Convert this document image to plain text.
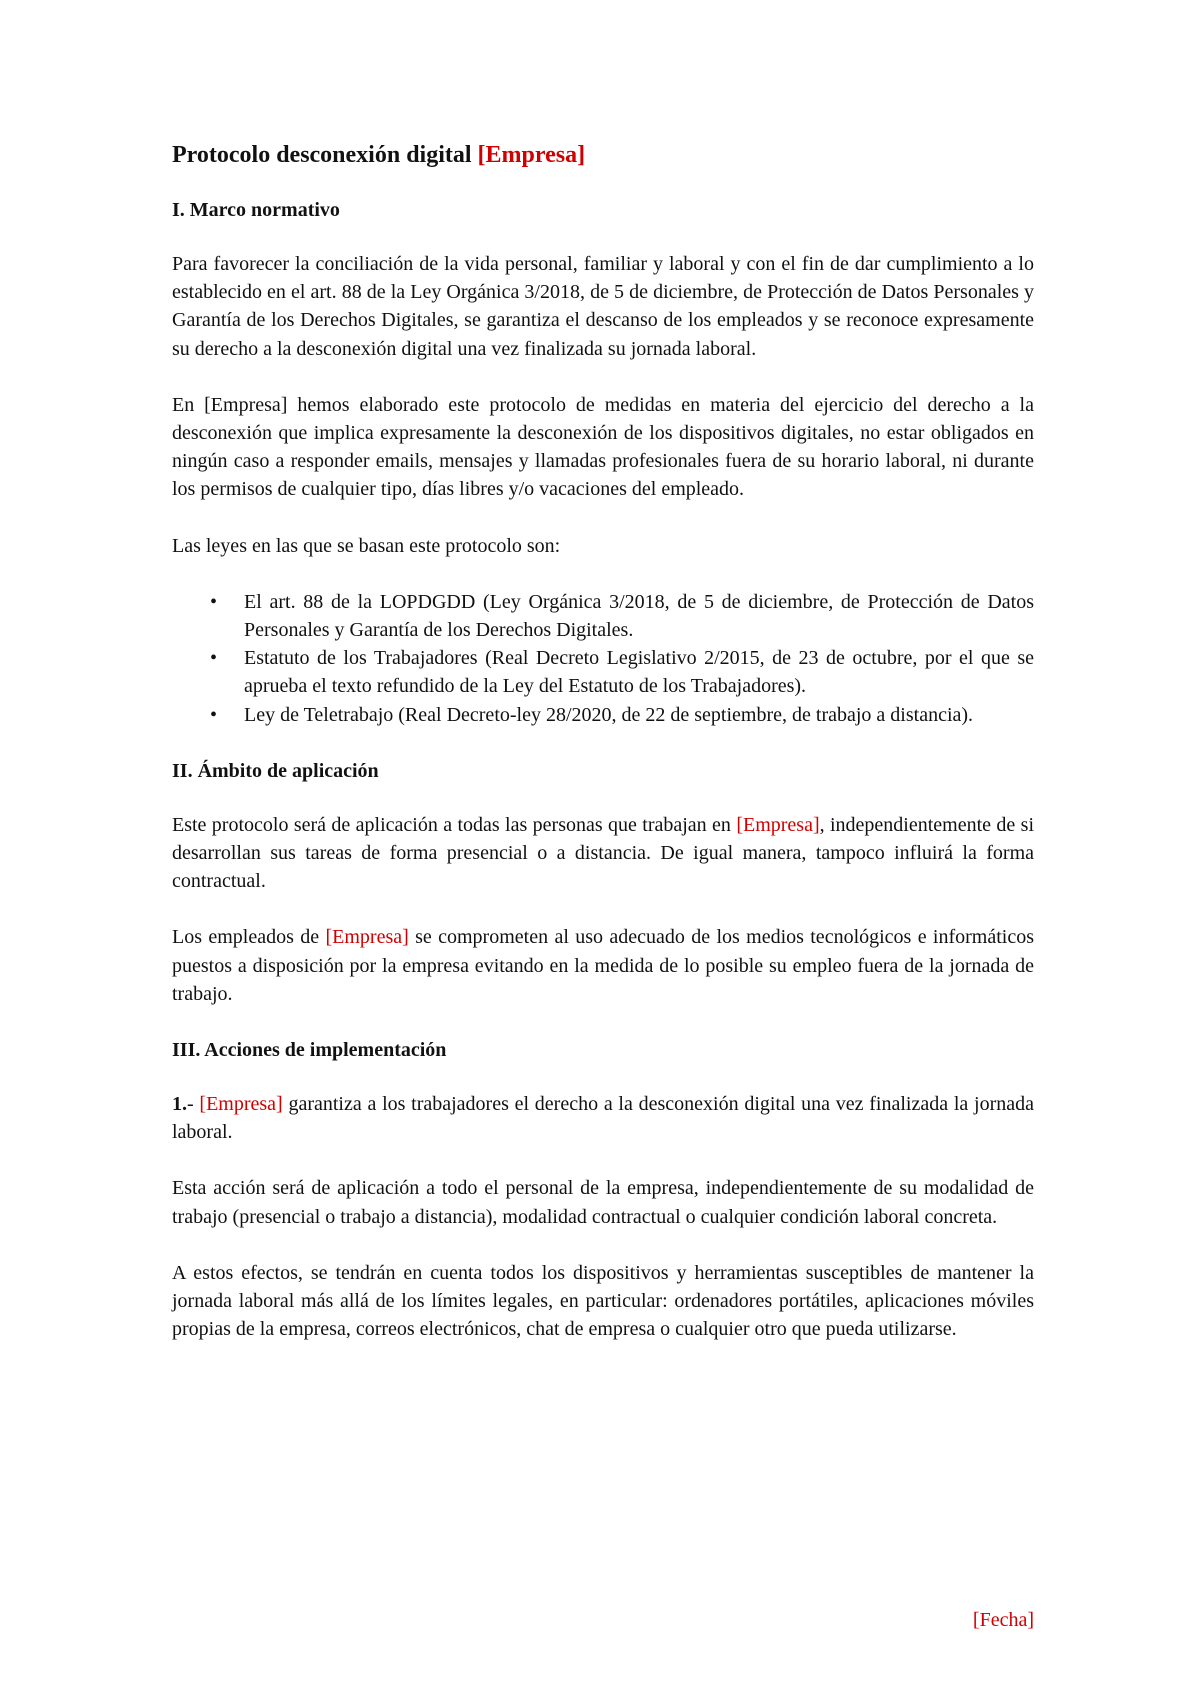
Protocolo desconexión digital [Empresa]
I. Marco normativo

Para favorecer la conciliación de la vida personal, familiar y laboral y con el fin de dar cumplimiento a lo establecido en el art. 88 de la Ley Orgánica 3/2018, de 5 de diciembre, de Protección de Datos Personales y Garantía de los Derechos Digitales, se garantiza el descanso de los empleados y se reconoce expresamente su derecho a la desconexión digital una vez finalizada su jornada laboral.

En [Empresa] hemos elaborado este protocolo de medidas en materia del ejercicio del derecho a la desconexión que implica expresamente la desconexión de los dispositivos digitales, no estar obligados en ningún caso a responder emails, mensajes y llamadas profesionales fuera de su horario laboral, ni durante los permisos de cualquier tipo, días libres y/o vacaciones del empleado.

Las leyes en las que se basan este protocolo son:

• El art. 88 de la LOPDGDD (Ley Orgánica 3/2018, de 5 de diciembre, de Protección de Datos Personales y Garantía de los Derechos Digitales.
• Estatuto de los Trabajadores (Real Decreto Legislativo 2/2015, de 23 de octubre, por el que se aprueba el texto refundido de la Ley del Estatuto de los Trabajadores).
• Ley de Teletrabajo (Real Decreto-ley 28/2020, de 22 de septiembre, de trabajo a distancia).
II. Ámbito de aplicación

Este protocolo será de aplicación a todas las personas que trabajan en [Empresa], independientemente de si desarrollan sus tareas de forma presencial o a distancia. De igual manera, tampoco influirá la forma contractual.

Los empleados de [Empresa] se comprometen al uso adecuado de los medios tecnológicos e informáticos puestos a disposición por la empresa evitando en la medida de lo posible su empleo fuera de la jornada de trabajo.

III. Acciones de implementación

1.- [Empresa] garantiza a los trabajadores el derecho a la desconexión digital una vez finalizada la jornada laboral.

Esta acción será de aplicación a todo el personal de la empresa, independientemente de su modalidad de trabajo (presencial o trabajo a distancia), modalidad contractual o cualquier condición laboral concreta.

A estos efectos, se tendrán en cuenta todos los dispositivos y herramientas susceptibles de mantener la jornada laboral más allá de los límites legales, en particular: ordenadores portátiles, aplicaciones móviles propias de la empresa, correos electrónicos, chat de empresa o cualquier otro que pueda utilizarse.

[Fecha]
